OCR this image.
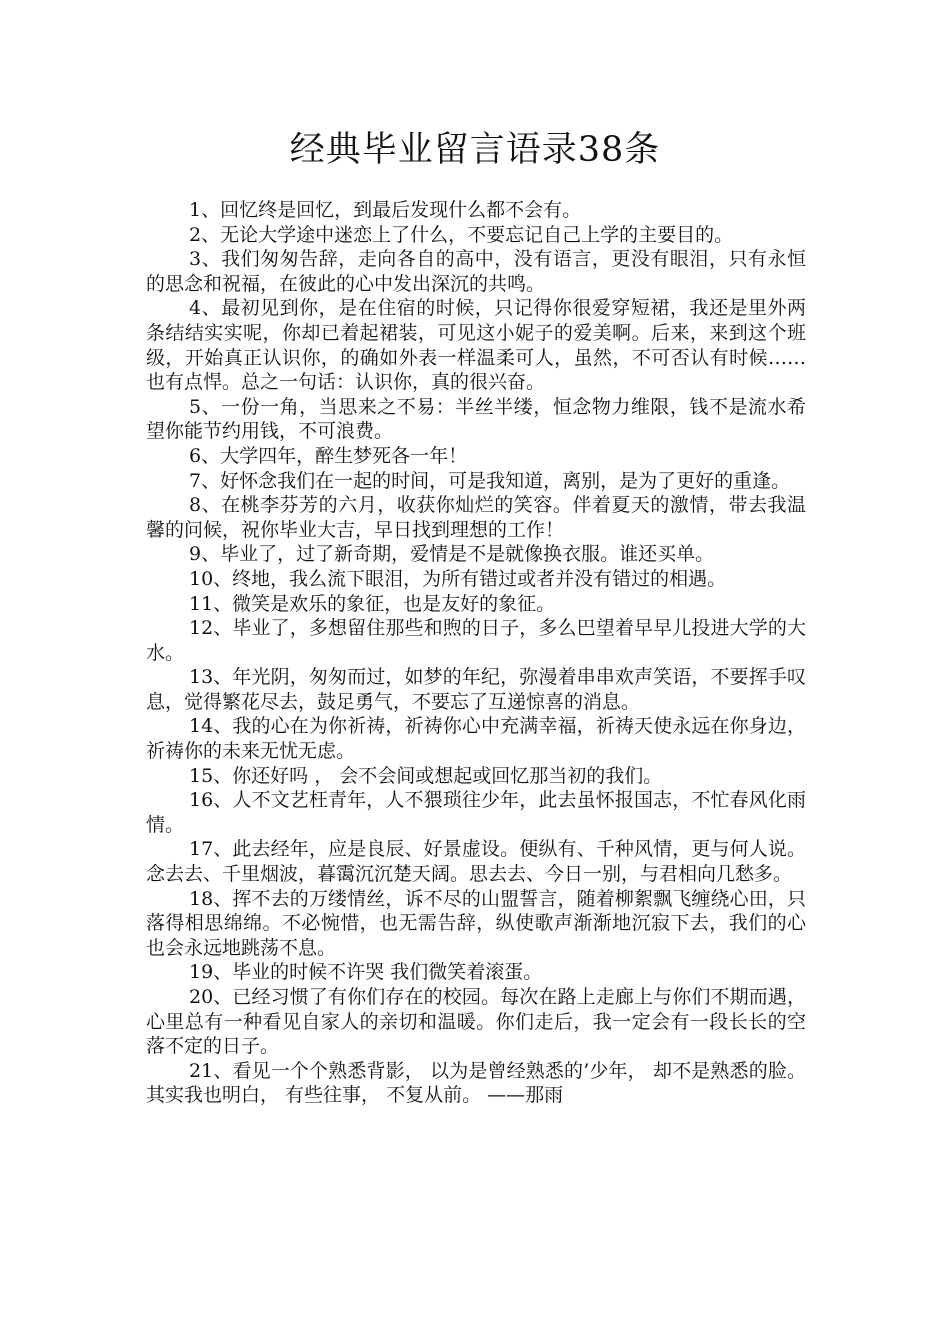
经典毕业留言语录38条

1、回忆终是回忆，到最后发现什么都不会有。

2、无论大学途中迷恋上了什么，不要忘记自己上学的主要目的。

3、我们匆匆告辞，走向各自的高中，没有语言，更没有眼泪，只有永恒的思念和祝福，在彼此的心中发出深沉的共鸣。

4、最初见到你，是在住宿的时候，只记得你很爱穿短裙，我还是里外两条结结实实呢，你却已着起裙装，可见这小妮子的爱美啊。后来，来到这个班级，开始真正认识你，的确如外表一样温柔可人，虽然，不可否认有时候……也有点悍。总之一句话：认识你，真的很兴奋。

5、一份一角，当思来之不易：半丝半缕，恒念物力维限，钱不是流水希望你能节约用钱，不可浪费。

6、大学四年，醉生梦死各一年！

7、好怀念我们在一起的时间，可是我知道，离别，是为了更好的重逢。

8、在桃李芬芳的六月，收获你灿烂的笑容。伴着夏天的激情，带去我温馨的问候，祝你毕业大吉，早日找到理想的工作！

9、毕业了，过了新奇期，爱情是不是就像换衣服。谁还买单。

10、终地，我么流下眼泪，为所有错过或者并没有错过的相遇。

11、微笑是欢乐的象征，也是友好的象征。

12、毕业了，多想留住那些和煦的日子，多么巴望着早早儿投进大学的大水。

13、年光阴，匆匆而过，如梦的年纪，弥漫着串串欢声笑语，不要挥手叹息，觉得繁花尽去，鼓足勇气，不要忘了互递惊喜的消息。

14、我的心在为你祈祷，祈祷你心中充满幸福，祈祷天使永远在你身边，祈祷你的未来无忧无虑。

15、你还好吗 ， 会不会间或想起或回忆那当初的我们。

16、人不文艺枉青年，人不猥琐往少年，此去虽怀报国志，不忙春风化雨情。

17、此去经年，应是良辰、好景虚设。便纵有、千种风情，更与何人说。念去去、千里烟波，暮霭沉沉楚天阔。思去去、今日一别，与君相向几愁多。

18、挥不去的万缕情丝，诉不尽的山盟誓言，随着柳絮飘飞缠绕心田，只落得相思绵绵。不必惋惜，也无需告辞，纵使歌声渐渐地沉寂下去，我们的心也会永远地跳荡不息。

19、毕业的时候不许哭 我们微笑着滚蛋。

20、已经习惯了有你们存在的校园。每次在路上走廊上与你们不期而遇，心里总有一种看见自家人的亲切和温暖。你们走后，我一定会有一段长长的空落不定的日子。

21、看见一个个熟悉背影， 以为是曾经熟悉的’少年， 却不是熟悉的脸。 其实我也明白， 有些往事， 不复从前。 ——那雨
